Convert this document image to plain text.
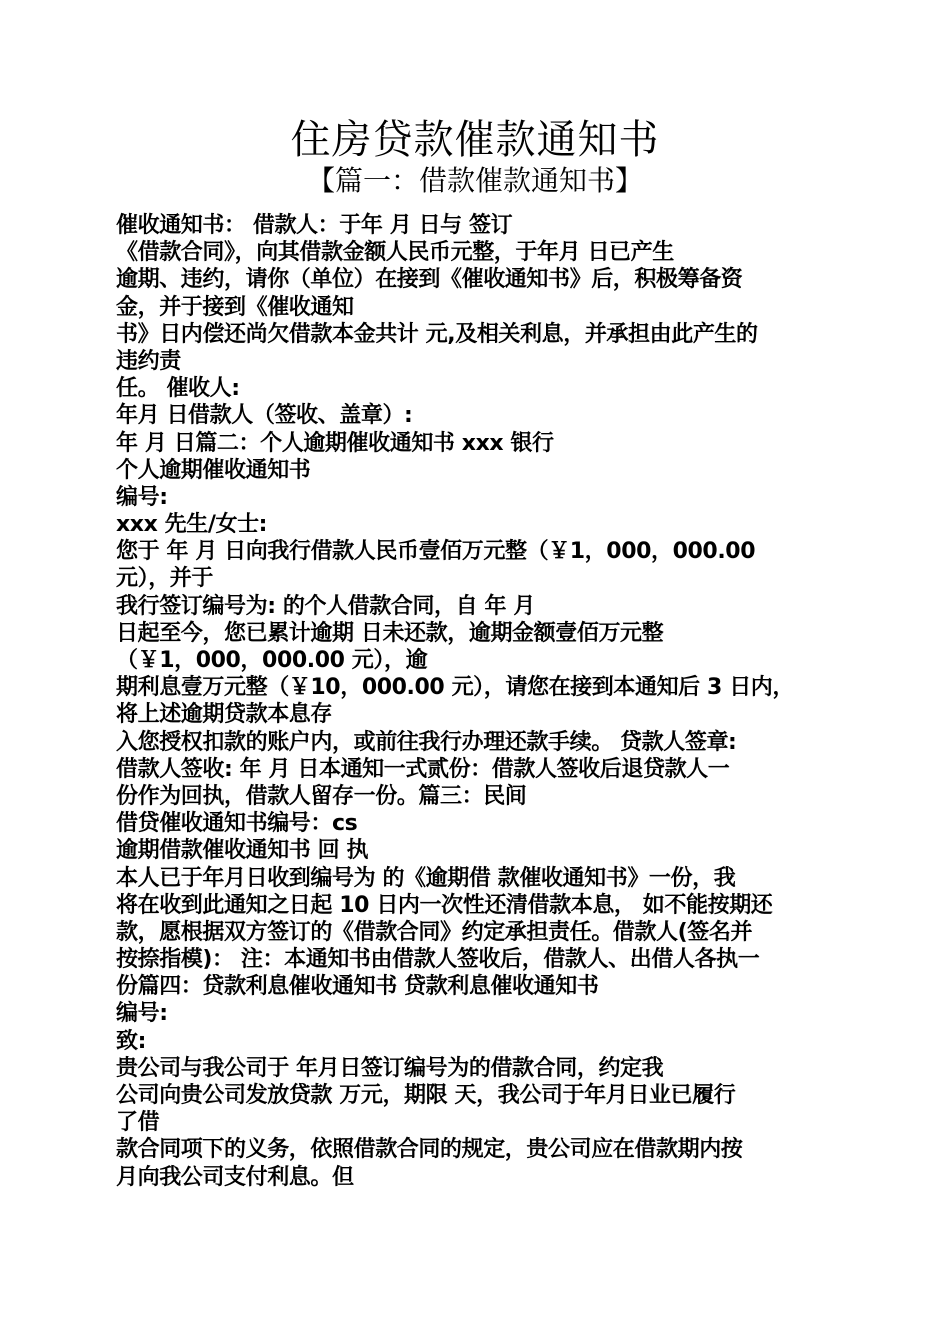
住房贷款催款通知书
【篇一：借款催款通知书】
催收通知书： 借款人：于年 月 日与 签订
《借款合同》，向其借款金额人民币元整，于年月 日已产生
逾期、违约，请你（单位）在接到《催收通知书》后，积极筹备资
金，并于接到《催收通知
书》日内偿还尚欠借款本金共计 元,及相关利息，并承担由此产生的
违约责
任。 催收人:
年月 日借款人（签收、盖章）:
年 月 日篇二：个人逾期催收通知书 xxx 银行
个人逾期催收通知书
编号:
xxx 先生/女士:
您于 年 月 日向我行借款人民币壹佰万元整（￥1，000，000.00
元），并于
我行签订编号为: 的个人借款合同，自 年 月
日起至今，您已累计逾期 日未还款，逾期金额壹佰万元整
（￥1，000，000.00 元），逾
期利息壹万元整（￥10，000.00 元），请您在接到本通知后 3 日内，
将上述逾期贷款本息存
入您授权扣款的账户内，或前往我行办理还款手续。 贷款人签章:
借款人签收: 年 月 日本通知一式贰份：借款人签收后退贷款人一
份作为回执，借款人留存一份。篇三：民间
借贷催收通知书编号：cs
逾期借款催收通知书 回 执
本人已于年月日收到编号为 的《逾期借 款催收通知书》一份，我
将在收到此通知之日起 10 日内一次性还清借款本息， 如不能按期还
款，愿根据双方签订的《借款合同》约定承担责任。借款人(签名并
按捺指模)： 注：本通知书由借款人签收后，借款人、出借人各执一
份篇四：贷款利息催收通知书 贷款利息催收通知书
编号:
致:
贵公司与我公司于 年月日签订编号为的借款合同，约定我
公司向贵公司发放贷款 万元，期限 天，我公司于年月日业已履行
了借
款合同项下的义务，依照借款合同的规定，贵公司应在借款期内按
月向我公司支付利息。但
